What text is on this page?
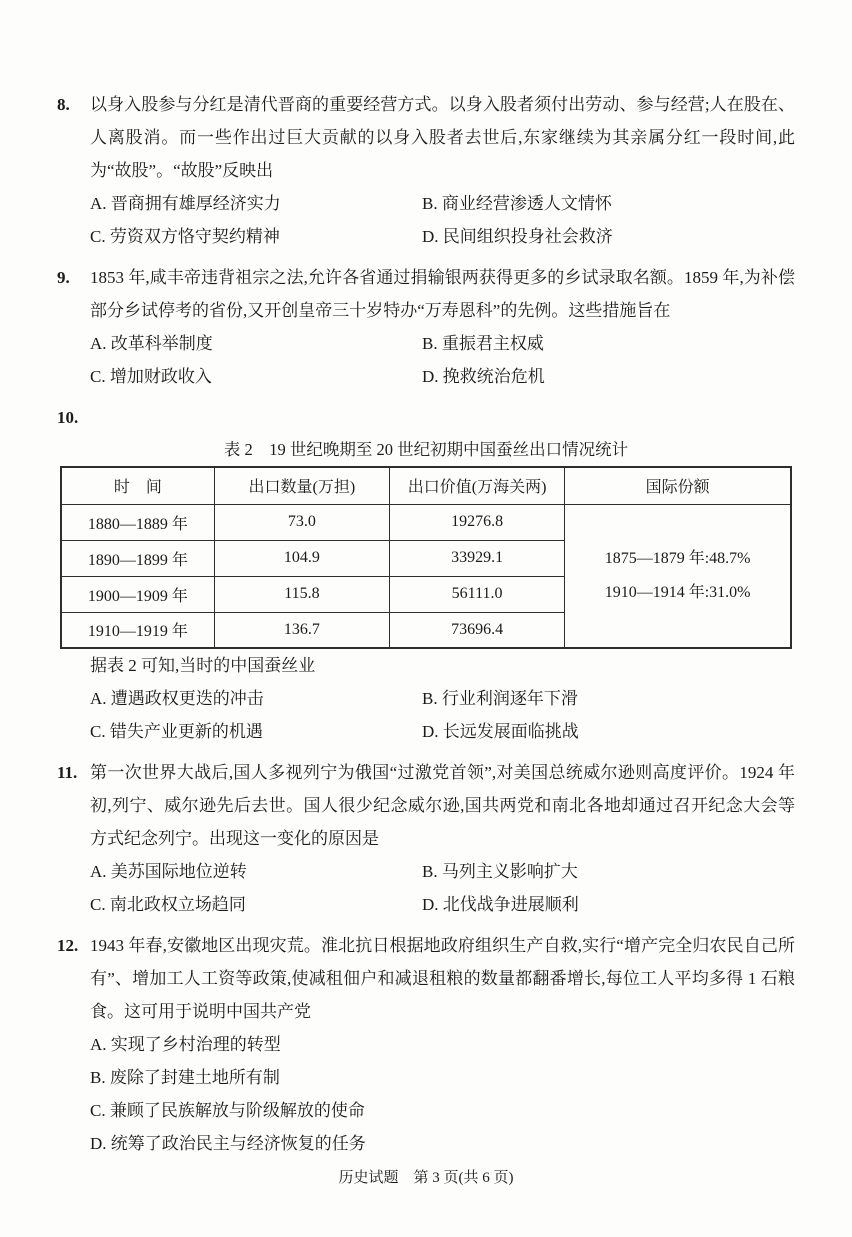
8.	以身入股参与分红是清代晋商的重要经营方式。以身入股者须付出劳动、参与经营;人在股在、人离股消。而一些作出过巨大贡献的以身入股者去世后,东家继续为其亲属分红一段时间,此为“故股”。“故股”反映出

A. 晋商拥有雄厚经济实力	B. 商业经营渗透人文情怀
C. 劳资双方恪守契约精神	D. 民间组织投身社会救济
9.	1853 年,咸丰帝违背祖宗之法,允许各省通过捐输银两获得更多的乡试录取名额。1859 年,为补偿部分乡试停考的省份,又开创皇帝三十岁特办“万寿恩科”的先例。这些措施旨在

A. 改革科举制度	B. 重振君主权威
C. 增加财政收入	D. 挽救统治危机
10.
表 2　19 世纪晚期至 20 世纪初期中国蚕丝出口情况统计
时　间	出口数量(万担)	出口价值(万海关两)	国际份额
1880—1889 年	73.0	19276.8	1875—1879 年:48.7%
1910—1914 年:31.0%

1890—1899 年	104.9	33929.1	
1900—1909 年	115.8	56111.0	
1910—1919 年	136.7	73696.4	
据表 2 可知,当时的中国蚕丝业
A. 遭遇政权更迭的冲击	B. 行业利润逐年下滑
C. 错失产业更新的机遇	D. 长远发展面临挑战
11. 第一次世界大战后,国人多视列宁为俄国“过激党首领”,对美国总统威尔逊则高度评价。1924 年初,列宁、威尔逊先后去世。国人很少纪念威尔逊,国共两党和南北各地却通过召开纪念大会等方式纪念列宁。出现这一变化的原因是

A. 美苏国际地位逆转	B. 马列主义影响扩大
C. 南北政权立场趋同	D. 北伐战争进展顺利
12. 1943 年春,安徽地区出现灾荒。淮北抗日根据地政府组织生产自救,实行“增产完全归农民自己所有”、增加工人工资等政策,使减租佃户和减退租粮的数量都翻番增长,每位工人平均多得 1 石粮食。这可用于说明中国共产党

A. 实现了乡村治理的转型
B. 废除了封建土地所有制
C. 兼顾了民族解放与阶级解放的使命
D. 统筹了政治民主与经济恢复的任务
历史试题　第 3 页(共 6 页)
